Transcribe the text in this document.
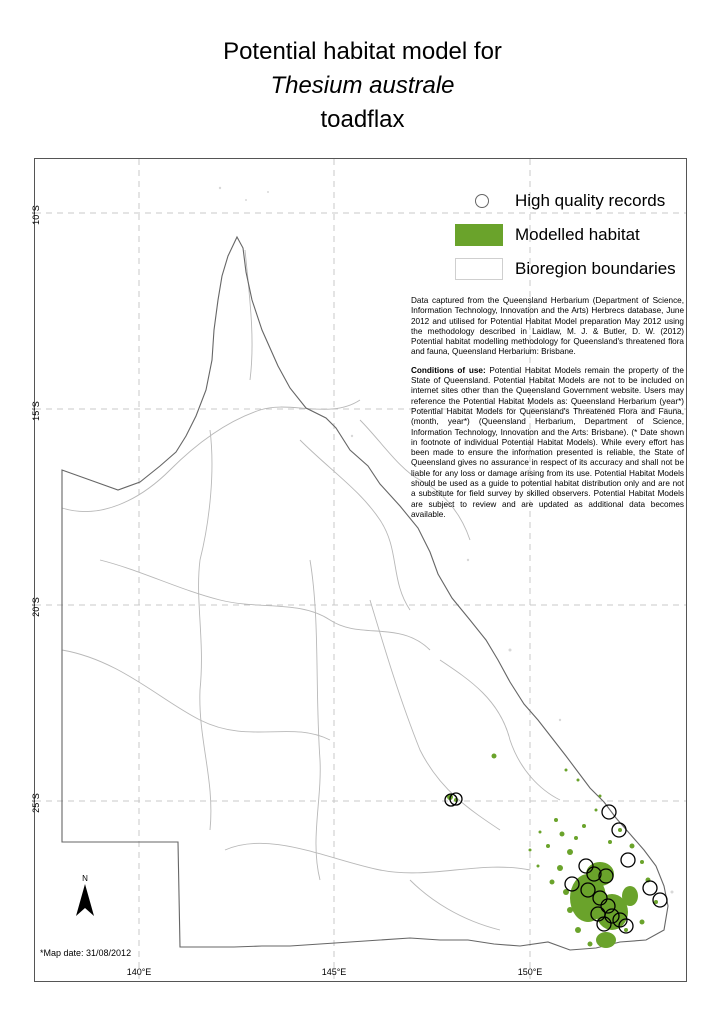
Potential habitat model for
Thesium australe
toadflax
10°S
15°S
20°S
25°S
140°E	145°E	150°E
High quality records
Modelled habitat
Bioregion boundaries

Data captured from the Queensland Herbarium (Department of Science, Information Technology, Innovation and the Arts) Herbrecs database, June 2012 and utilised for Potential Habitat Model preparation May 2012 using the methodology described in Laidlaw, M. J. & Butler, D. W. (2012) Potential habitat modelling methodology for Queensland's threatened flora and fauna, Queensland Herbarium: Brisbane.

Conditions of use: Potential Habitat Models remain the property of the State of Queensland. Potential Habitat Models are not to be included on internet sites other than the Queensland Government website. Users may reference the Potential Habitat Models as: Queensland Herbarium (year*) Potential Habitat Models for Queensland's Threatened Flora and Fauna, (month, year*) (Queensland Herbarium, Department of Science, Information Technology, Innovation and the Arts: Brisbane). (* Date shown in footnote of individual Potential Habitat Models). While every effort has been made to ensure the information presented is reliable, the State of Queensland gives no assurance in respect of its accuracy and shall not be liable for any loss or damage arising from its use. Potential Habitat Models should be used as a guide to potential habitat distribution only and are not a substitute for field survey by skilled observers. Potential Habitat Models are subject to review and are updated as additional data becomes available.

N
*Map date: 31/08/2012
